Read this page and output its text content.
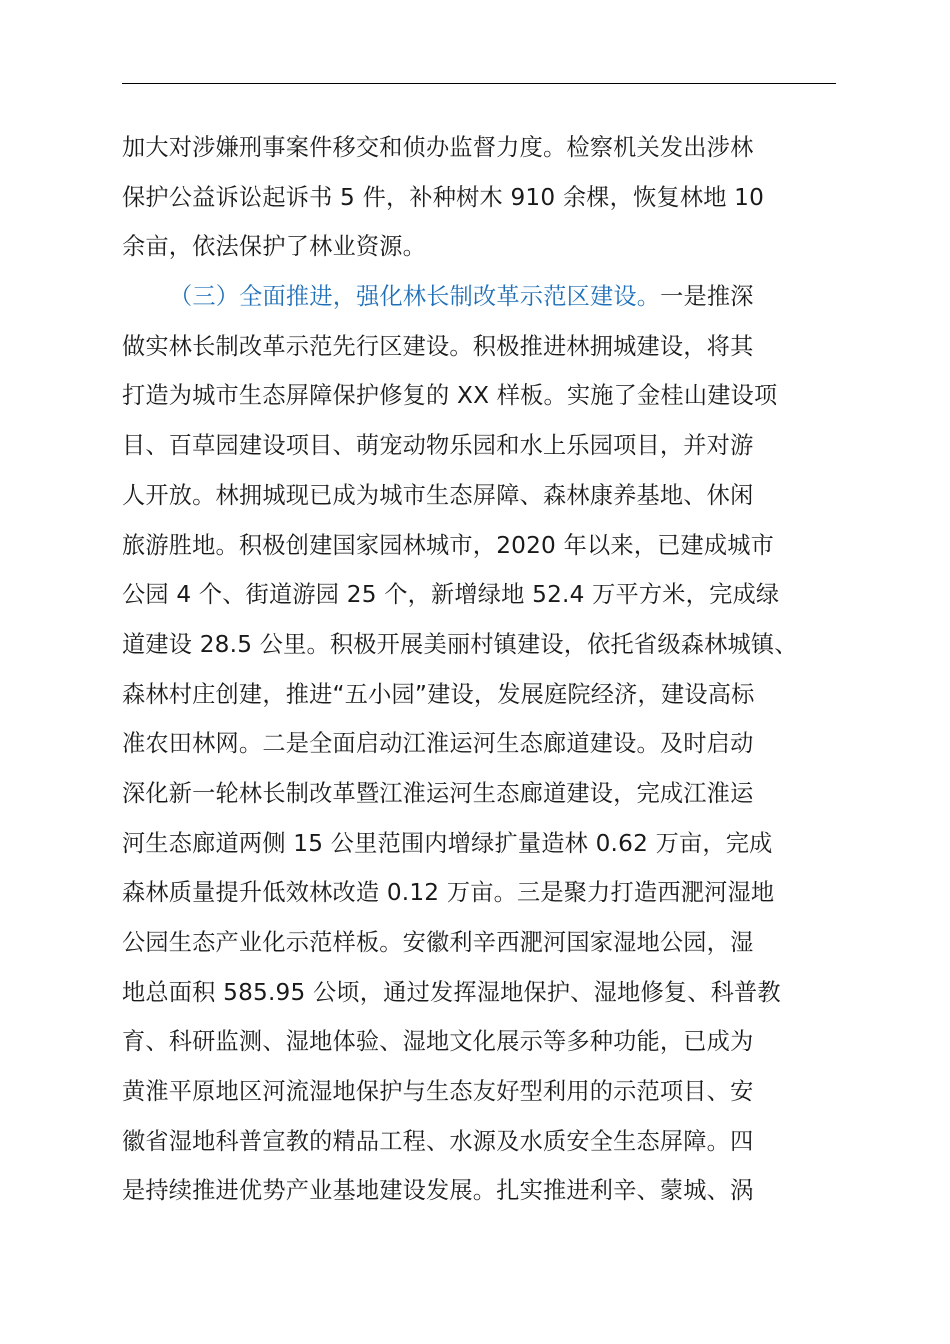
加大对涉嫌刑事案件移交和侦办监督力度。检察机关发出涉林
保护公益诉讼起诉书 5 件，补种树木 910 余棵，恢复林地 10
余亩，依法保护了林业资源。
（三）全面推进，强化林长制改革示范区建设。一是推深
做实林长制改革示范先行区建设。积极推进林拥城建设，将其
打造为城市生态屏障保护修复的 XX 样板。实施了金桂山建设项
目、百草园建设项目、萌宠动物乐园和水上乐园项目，并对游
人开放。林拥城现已成为城市生态屏障、森林康养基地、休闲
旅游胜地。积极创建国家园林城市，2020 年以来，已建成城市
公园 4 个、街道游园 25 个，新增绿地 52.4 万平方米，完成绿
道建设 28.5 公里。积极开展美丽村镇建设，依托省级森林城镇、
森林村庄创建，推进“五小园”建设，发展庭院经济，建设高标
准农田林网。二是全面启动江淮运河生态廊道建设。及时启动
深化新一轮林长制改革暨江淮运河生态廊道建设，完成江淮运
河生态廊道两侧 15 公里范围内增绿扩量造林 0.62 万亩，完成
森林质量提升低效林改造 0.12 万亩。三是聚力打造西淝河湿地
公园生态产业化示范样板。安徽利辛西淝河国家湿地公园，湿
地总面积 585.95 公顷，通过发挥湿地保护、湿地修复、科普教
育、科研监测、湿地体验、湿地文化展示等多种功能，已成为
黄淮平原地区河流湿地保护与生态友好型利用的示范项目、安
徽省湿地科普宣教的精品工程、水源及水质安全生态屏障。四
是持续推进优势产业基地建设发展。扎实推进利辛、蒙城、涡
